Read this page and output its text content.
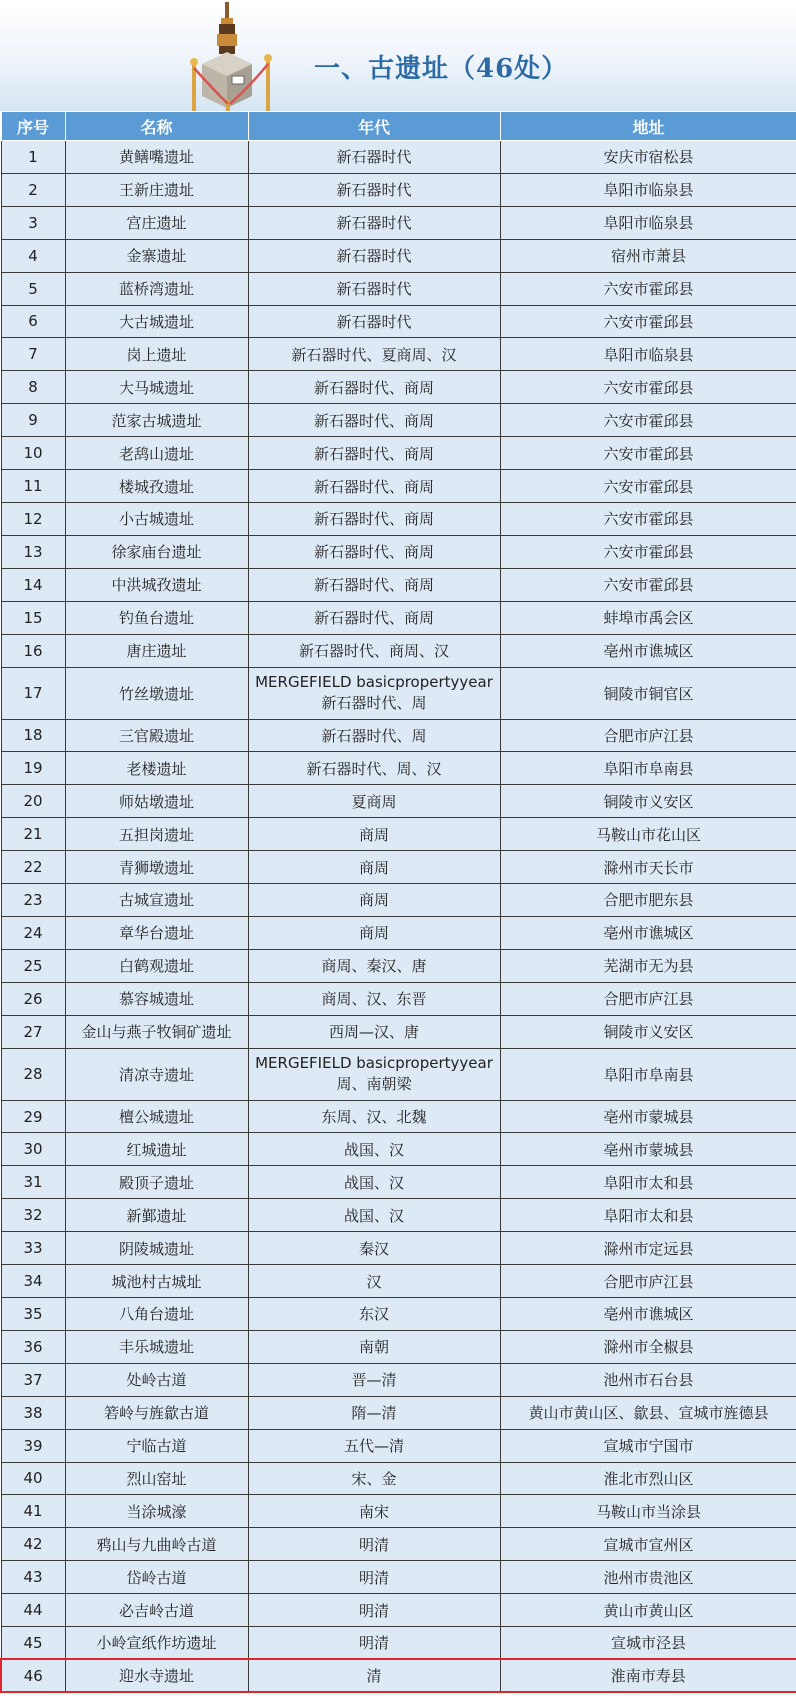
一、古遗址（46处）
序号	名称	年代	地址
1	黄鳝嘴遗址	新石器时代	安庆市宿松县
2	王新庄遗址	新石器时代	阜阳市临泉县
3	宫庄遗址	新石器时代	阜阳市临泉县
4	金寨遗址	新石器时代	宿州市萧县
5	蓝桥湾遗址	新石器时代	六安市霍邱县
6	大古城遗址	新石器时代	六安市霍邱县
7	岗上遗址	新石器时代、夏商周、汉	阜阳市临泉县
8	大马城遗址	新石器时代、商周	六安市霍邱县
9	范家古城遗址	新石器时代、商周	六安市霍邱县
10	老鸹山遗址	新石器时代、商周	六安市霍邱县
11	楼城孜遗址	新石器时代、商周	六安市霍邱县
12	小古城遗址	新石器时代、商周	六安市霍邱县
13	徐家庙台遗址	新石器时代、商周	六安市霍邱县
14	中洪城孜遗址	新石器时代、商周	六安市霍邱县
15	钓鱼台遗址	新石器时代、商周	蚌埠市禹会区
16	唐庄遗址	新石器时代、商周、汉	亳州市谯城区
17	竹丝墩遗址	MERGEFIELD basicpropertyyear 新石器时代、周	铜陵市铜官区
18	三官殿遗址	新石器时代、周	合肥市庐江县
19	老楼遗址	新石器时代、周、汉	阜阳市阜南县
20	师姑墩遗址	夏商周	铜陵市义安区
21	五担岗遗址	商周	马鞍山市花山区
22	青狮墩遗址	商周	滁州市天长市
23	古城宣遗址	商周	合肥市肥东县
24	章华台遗址	商周	亳州市谯城区
25	白鹤观遗址	商周、秦汉、唐	芜湖市无为县
26	慕容城遗址	商周、汉、东晋	合肥市庐江县
27	金山与燕子牧铜矿遗址	西周—汉、唐	铜陵市义安区
28	清凉寺遗址	MERGEFIELD basicpropertyyear 周、南朝梁	阜阳市阜南县
29	檀公城遗址	东周、汉、北魏	亳州市蒙城县
30	红城遗址	战国、汉	亳州市蒙城县
31	殿顶子遗址	战国、汉	阜阳市太和县
32	新鄞遗址	战国、汉	阜阳市太和县
33	阴陵城遗址	秦汉	滁州市定远县
34	城池村古城址	汉	合肥市庐江县
35	八角台遗址	东汉	亳州市谯城区
36	丰乐城遗址	南朝	滁州市全椒县
37	处岭古道	晋—清	池州市石台县
38	箬岭与旌歙古道	隋—清	黄山市黄山区、歙县、宣城市旌德县
39	宁临古道	五代—清	宣城市宁国市
40	烈山窑址	宋、金	淮北市烈山区
41	当涂城濠	南宋	马鞍山市当涂县
42	鸦山与九曲岭古道	明清	宣城市宣州区
43	岱岭古道	明清	池州市贵池区
44	必吉岭古道	明清	黄山市黄山区
45	小岭宣纸作坊遗址	明清	宣城市泾县
46	迎水寺遗址	清	淮南市寿县
